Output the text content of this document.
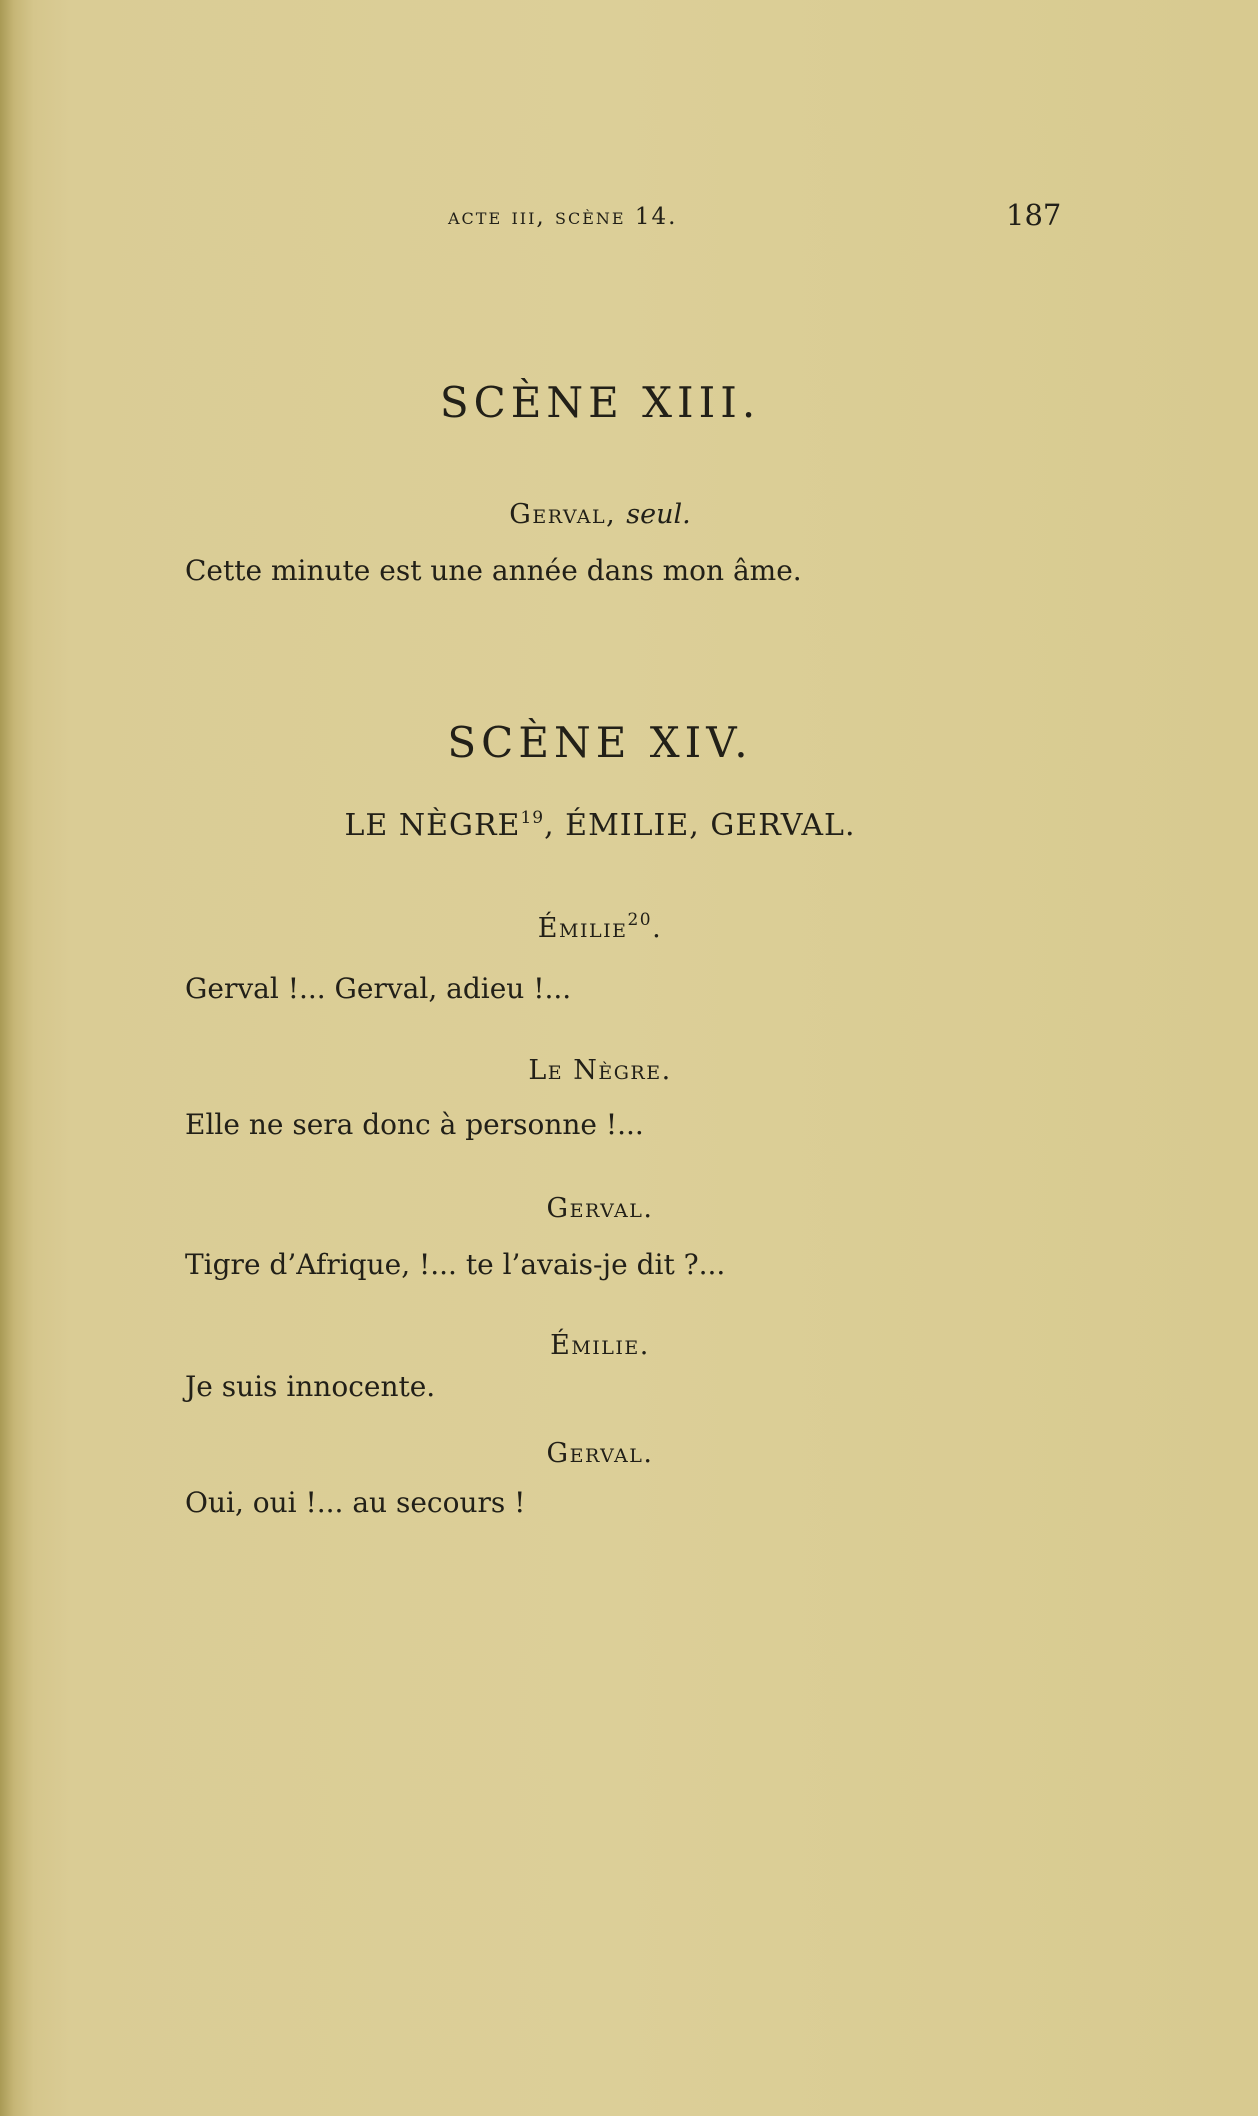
acte iii, scène 14.	187
SCÈNE XIII.
Gerval, seul.
Cette minute est une année dans mon âme.
SCÈNE XIV.
LE NÈGRE$^{19}$, ÉMILIE, GERVAL.
Émilie$^{20}$.
Gerval !... Gerval, adieu !...
Le Nègre.
Elle ne sera donc à personne !...
Gerval.
Tigre d’Afrique, !... te l’avais-je dit ?...
Émilie.
Je suis innocente.
Gerval.
Oui, oui !... au secours !
